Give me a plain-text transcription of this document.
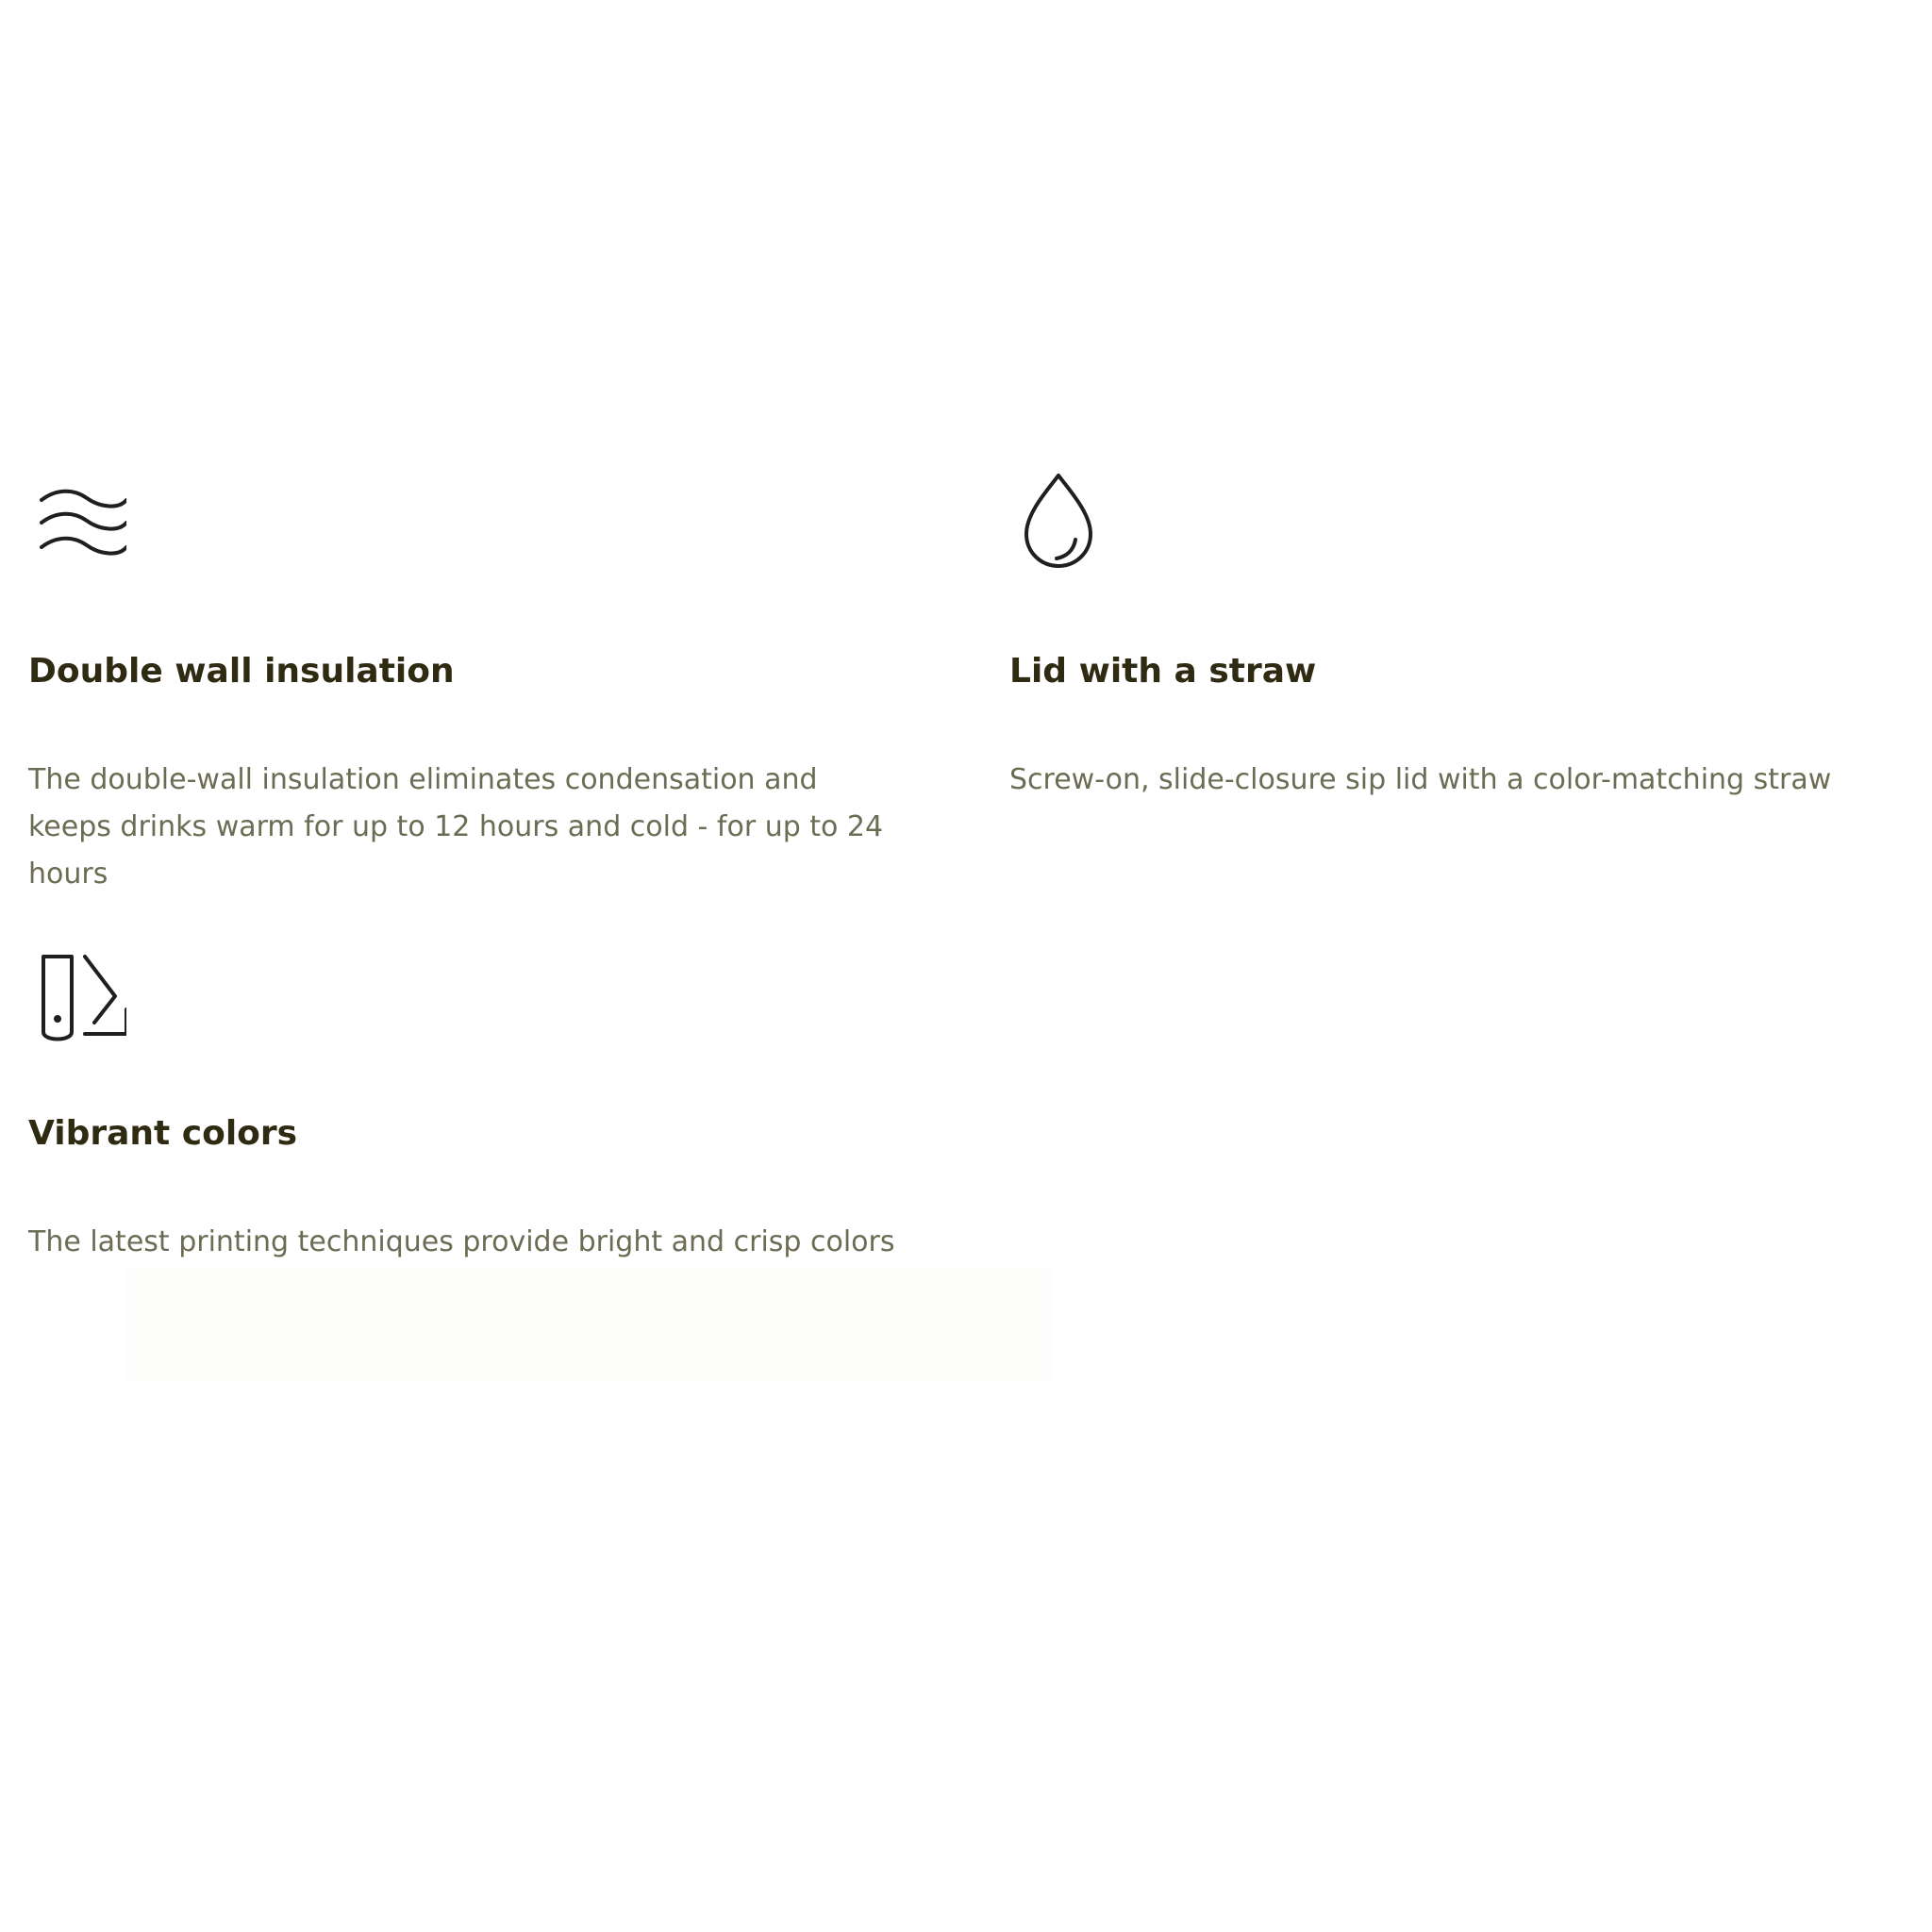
Double wall insulation

The double-wall insulation eliminates condensation and keeps drinks warm for up to 12 hours and cold - for up to 24 hours

Lid with a straw

Screw-on, slide-closure sip lid with a color-matching straw

Vibrant colors

The latest printing techniques provide bright and crisp colors
